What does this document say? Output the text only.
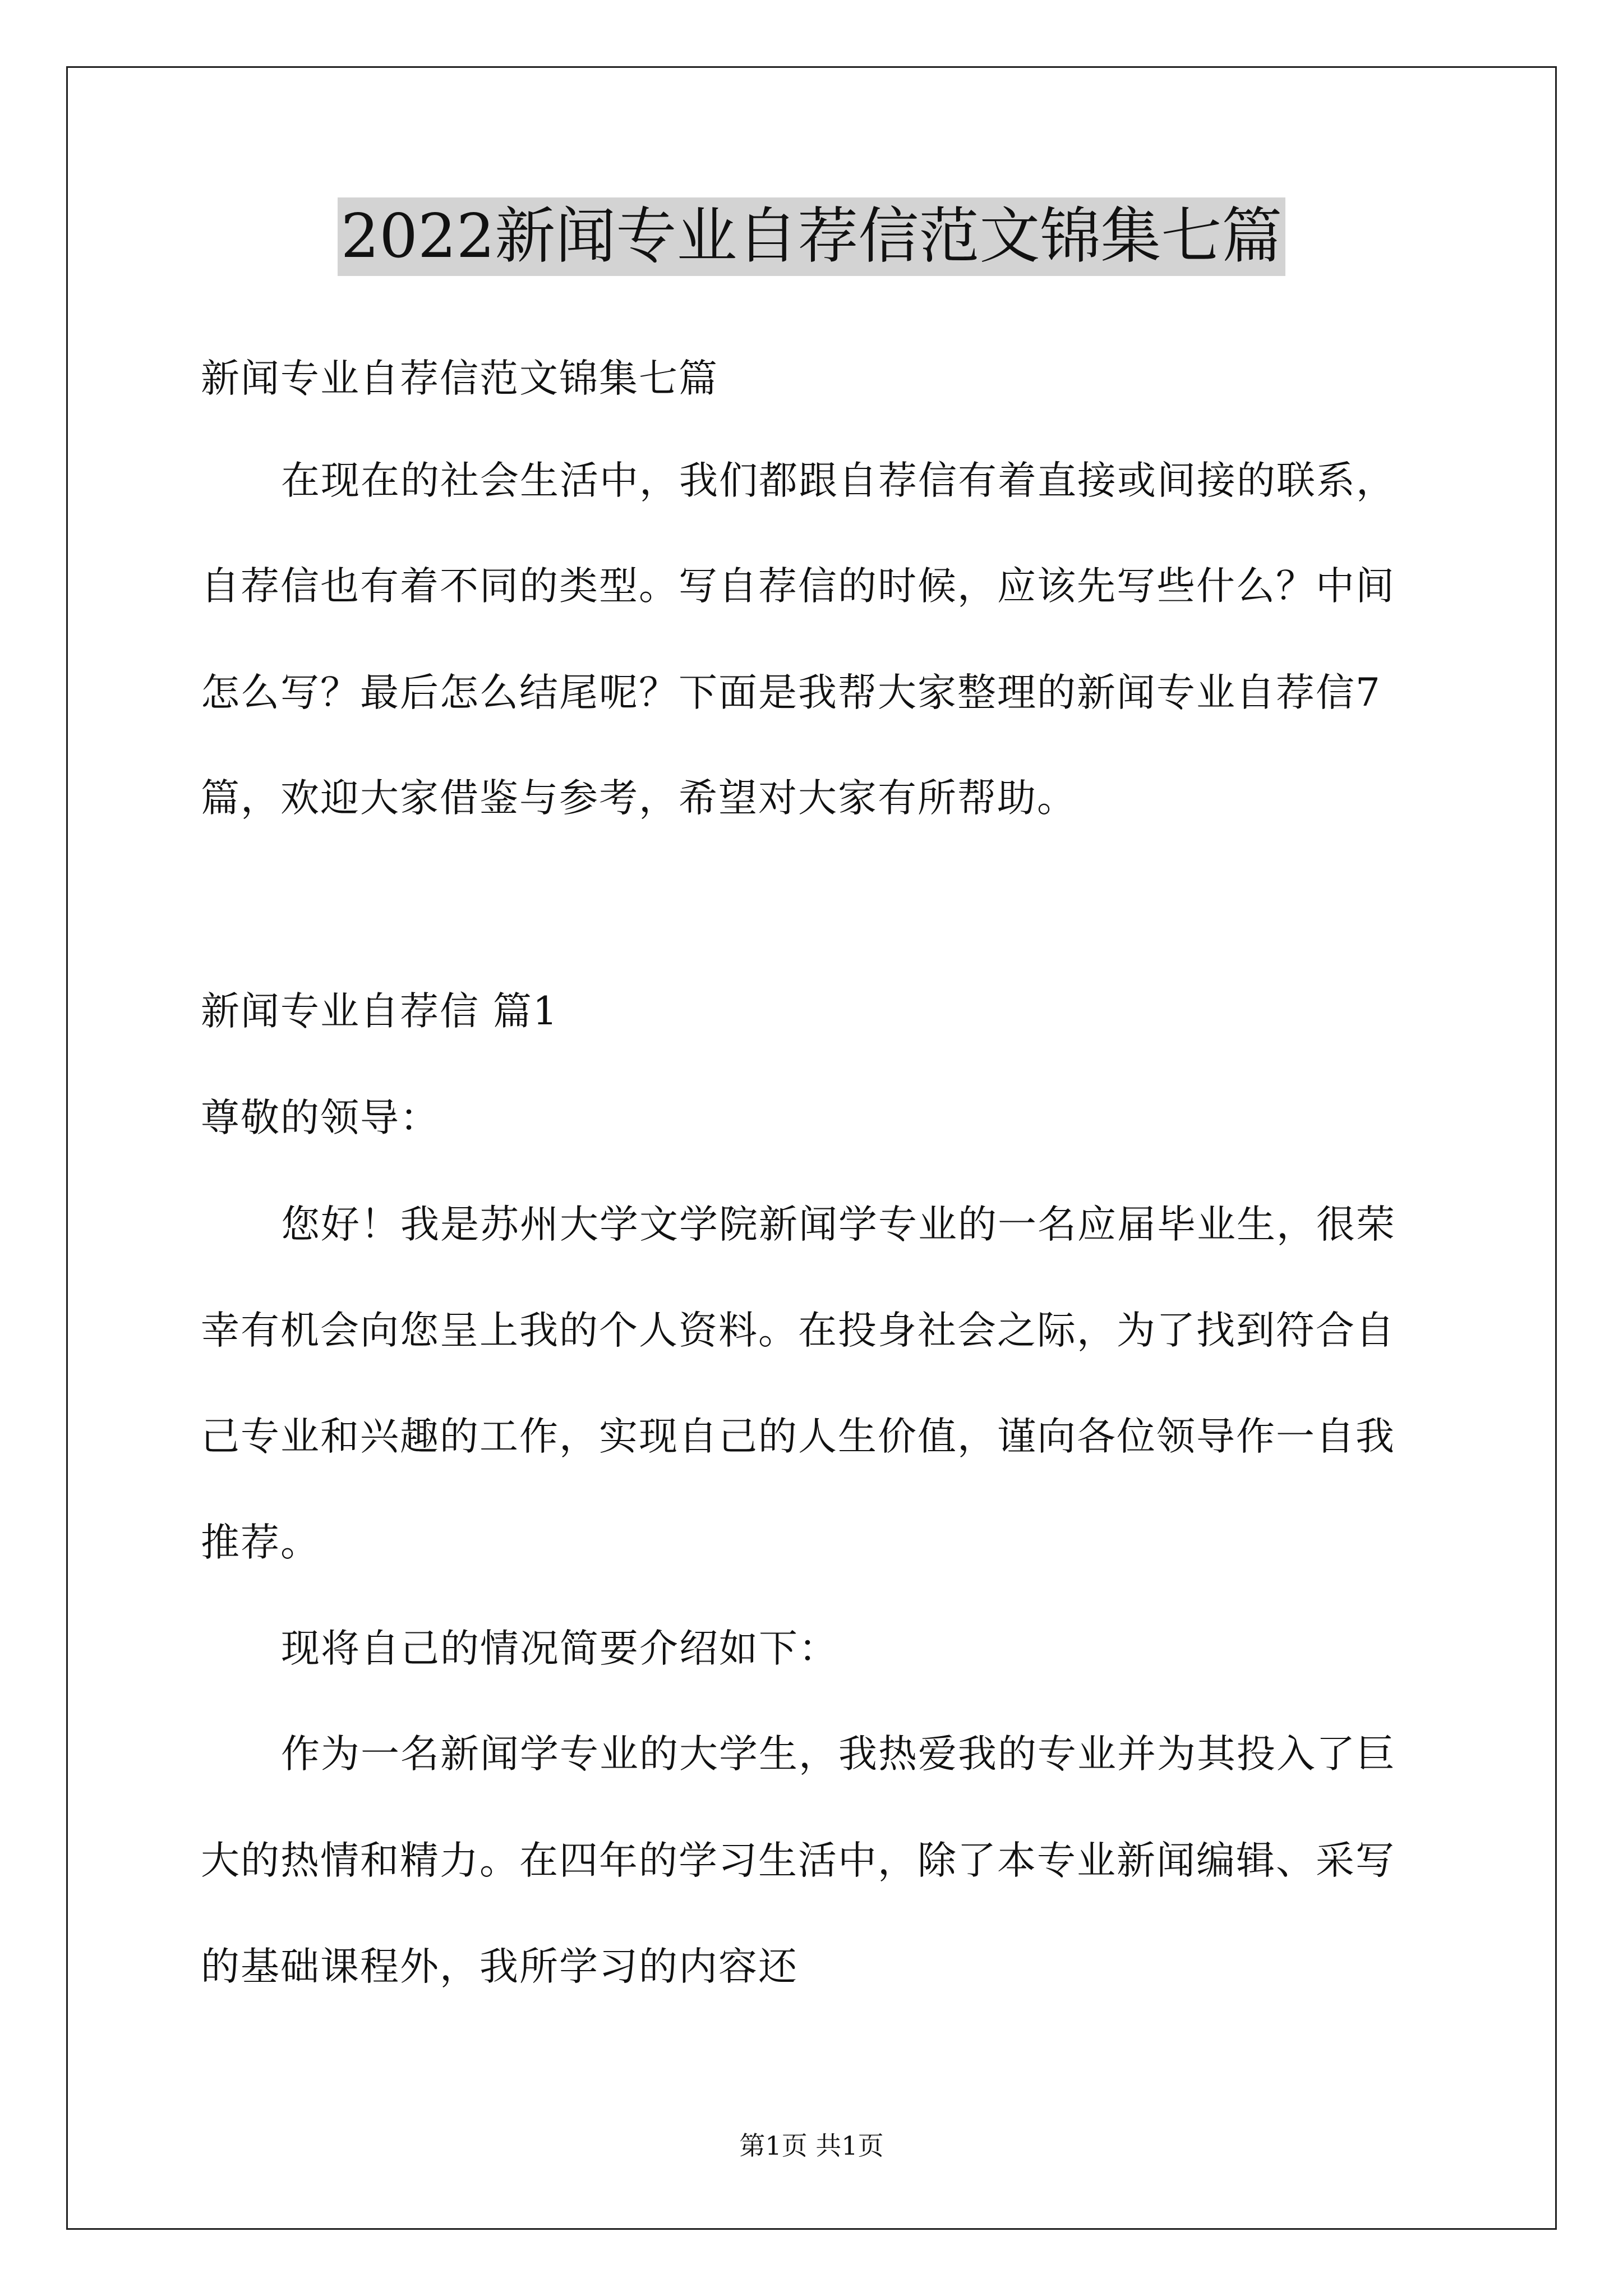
2022新闻专业自荐信范文锦集七篇
新闻专业自荐信范文锦集七篇
在现在的社会生活中，我们都跟自荐信有着直接或间接的联系，
自荐信也有着不同的类型。写自荐信的时候，应该先写些什么？中间
怎么写？最后怎么结尾呢？下面是我帮大家整理的新闻专业自荐信7
篇，欢迎大家借鉴与参考，希望对大家有所帮助。
新闻专业自荐信 篇1
尊敬的领导：
您好！我是苏州大学文学院新闻学专业的一名应届毕业生，很荣
幸有机会向您呈上我的个人资料。在投身社会之际，为了找到符合自
己专业和兴趣的工作，实现自己的人生价值，谨向各位领导作一自我
推荐。
现将自己的情况简要介绍如下：
作为一名新闻学专业的大学生，我热爱我的专业并为其投入了巨
大的热情和精力。在四年的学习生活中，除了本专业新闻编辑、采写
的基础课程外，我所学习的内容还
第1页 共1页
